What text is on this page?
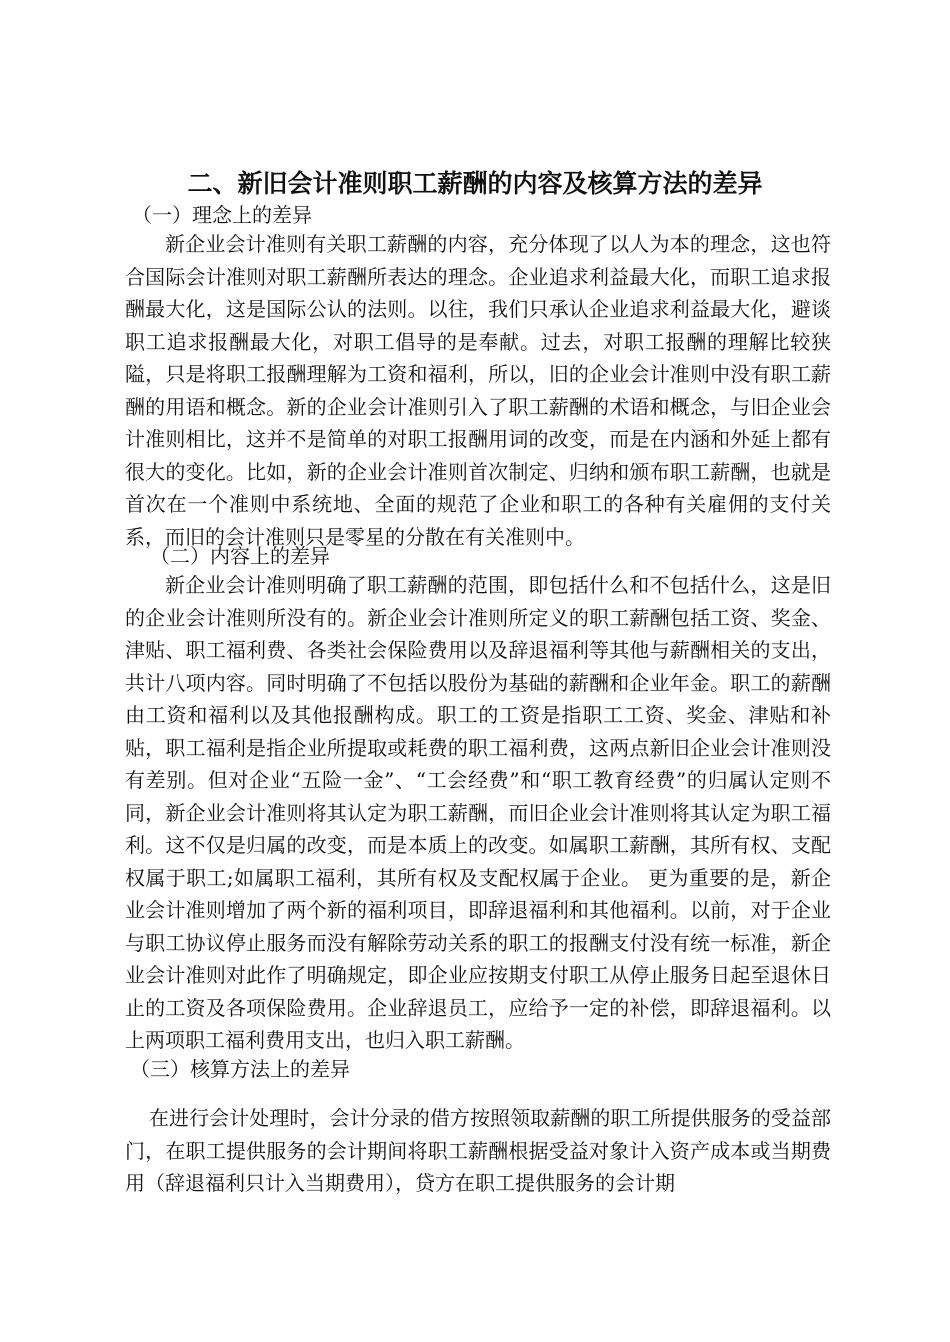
二、新旧会计准则职工薪酬的内容及核算方法的差异
（一）理念上的差异
新企业会计准则有关职工薪酬的内容，充分体现了以人为本的理念，这也符合国际会计准则对职工薪酬所表达的理念。企业追求利益最大化，而职工追求报酬最大化，这是国际公认的法则。以往，我们只承认企业追求利益最大化，避谈职工追求报酬最大化，对职工倡导的是奉献。过去，对职工报酬的理解比较狭隘，只是将职工报酬理解为工资和福利，所以，旧的企业会计准则中没有职工薪酬的用语和概念。新的企业会计准则引入了职工薪酬的术语和概念，与旧企业会计准则相比，这并不是简单的对职工报酬用词的改变，而是在内涵和外延上都有很大的变化。比如，新的企业会计准则首次制定、归纳和颁布职工薪酬，也就是首次在一个准则中系统地、全面的规范了企业和职工的各种有关雇佣的支付关系，而旧的会计准则只是零星的分散在有关准则中。
（二）内容上的差异
新企业会计准则明确了职工薪酬的范围，即包括什么和不包括什么，这是旧的企业会计准则所没有的。新企业会计准则所定义的职工薪酬包括工资、奖金、津贴、职工福利费、各类社会保险费用以及辞退福利等其他与薪酬相关的支出，共计八项内容。同时明确了不包括以股份为基础的薪酬和企业年金。职工的薪酬由工资和福利以及其他报酬构成。职工的工资是指职工工资、奖金、津贴和补贴，职工福利是指企业所提取或耗费的职工福利费，这两点新旧企业会计准则没有差别。但对企业“五险一金”、“工会经费”和“职工教育经费”的归属认定则不同，新企业会计准则将其认定为职工薪酬，而旧企业会计准则将其认定为职工福利。这不仅是归属的改变，而是本质上的改变。如属职工薪酬，其所有权、支配权属于职工;如属职工福利，其所有权及支配权属于企业。 更为重要的是，新企业会计准则增加了两个新的福利项目，即辞退福利和其他福利。以前，对于企业与职工协议停止服务而没有解除劳动关系的职工的报酬支付没有统一标准，新企业会计准则对此作了明确规定，即企业应按期支付职工从停止服务日起至退休日止的工资及各项保险费用。企业辞退员工，应给予一定的补偿，即辞退福利。以上两项职工福利费用支出，也归入职工薪酬。
（三）核算方法上的差异
在进行会计处理时，会计分录的借方按照领取薪酬的职工所提供服务的受益部门，在职工提供服务的会计期间将职工薪酬根据受益对象计入资产成本或当期费用（辞退福利只计入当期费用），贷方在职工提供服务的会计期
